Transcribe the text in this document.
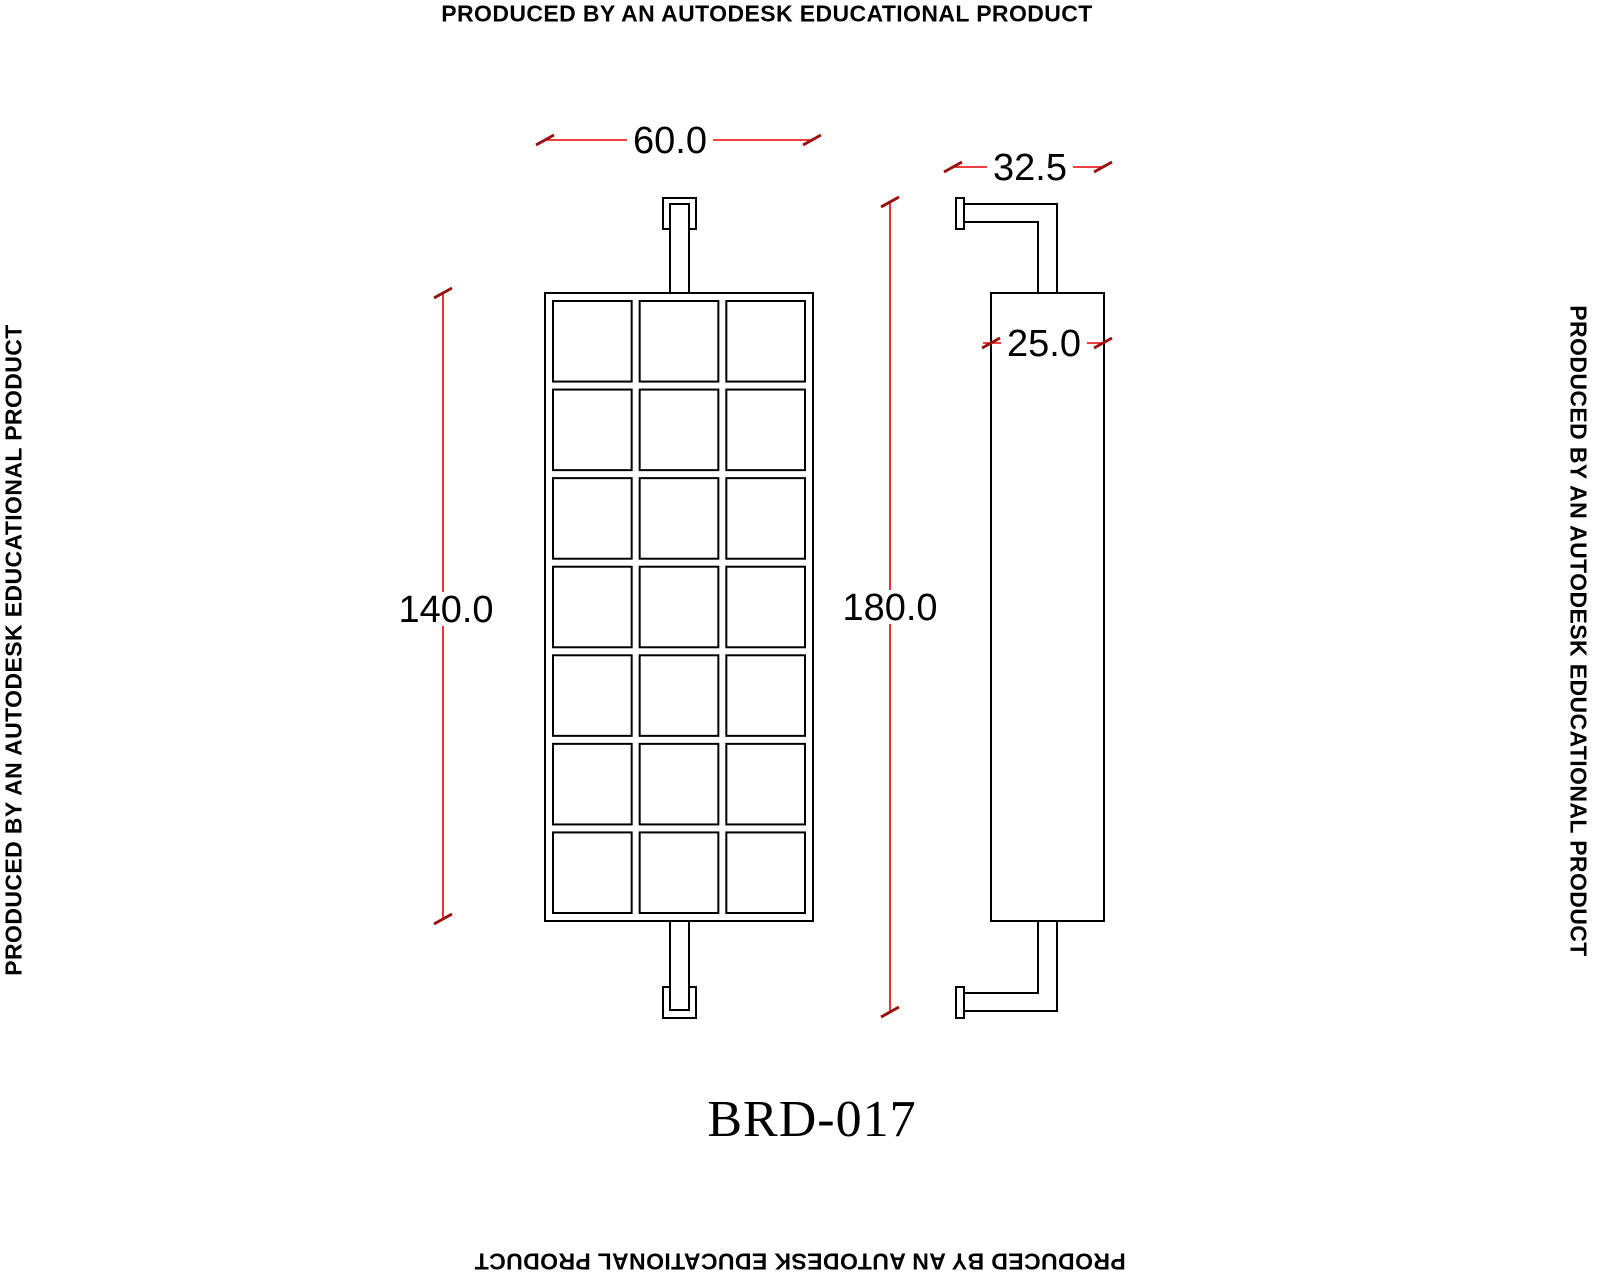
PRODUCED BY AN AUTODESK EDUCATIONAL PRODUCT
PRODUCED BY AN AUTODESK EDUCATIONAL PRODUCT
PRODUCED BY AN AUTODESK EDUCATIONAL PRODUCT	PRODUCED BY AN AUTODESK EDUCATIONAL PRODUCT
60.0
32.5
25.0
140.0	180.0
BRD-017
